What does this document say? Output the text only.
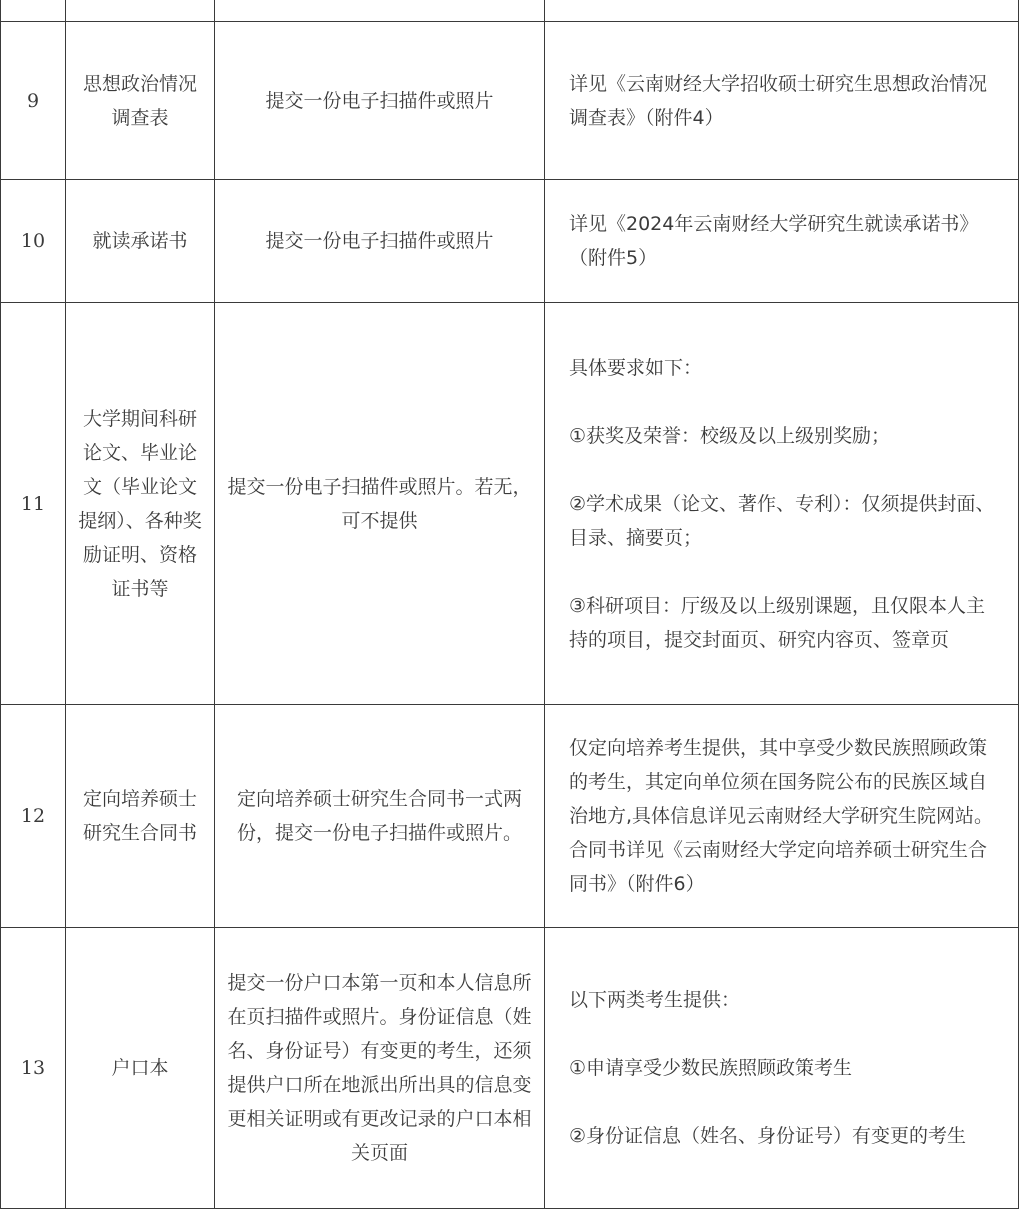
9	思想政治情况调查表	提交一份电子扫描件或照片	详见《云南财经大学招收硕士研究生思想政治情况调查表》（附件4）

10	就读承诺书	提交一份电子扫描件或照片	详见《2024年云南财经大学研究生就读承诺书》（附件5）

11	大学期间科研论文、毕业论文（毕业论文提纲）、各种奖励证明、资格证书等	提交一份电子扫描件或照片。若无，可不提供	具体要求如下：
①获奖及荣誉：校级及以上级别奖励；
②学术成果（论文、著作、专利）：仅须提供封面、目录、摘要页；
③科研项目：厅级及以上级别课题，且仅限本人主持的项目，提交封面页、研究内容页、签章页

12	定向培养硕士研究生合同书	定向培养硕士研究生合同书一式两份，提交一份电子扫描件或照片。	仅定向培养考生提供，其中享受少数民族照顾政策的考生，其定向单位须在国务院公布的民族区域自治地方,具体信息详见云南财经大学研究生院网站。合同书详见《云南财经大学定向培养硕士研究生合同书》（附件6）

13	户口本	提交一份户口本第一页和本人信息所在页扫描件或照片。身份证信息（姓名、身份证号）有变更的考生，还须提供户口所在地派出所出具的信息变更相关证明或有更改记录的户口本相关页面	以下两类考生提供：
①申请享受少数民族照顾政策考生
②身份证信息（姓名、身份证号）有变更的考生
